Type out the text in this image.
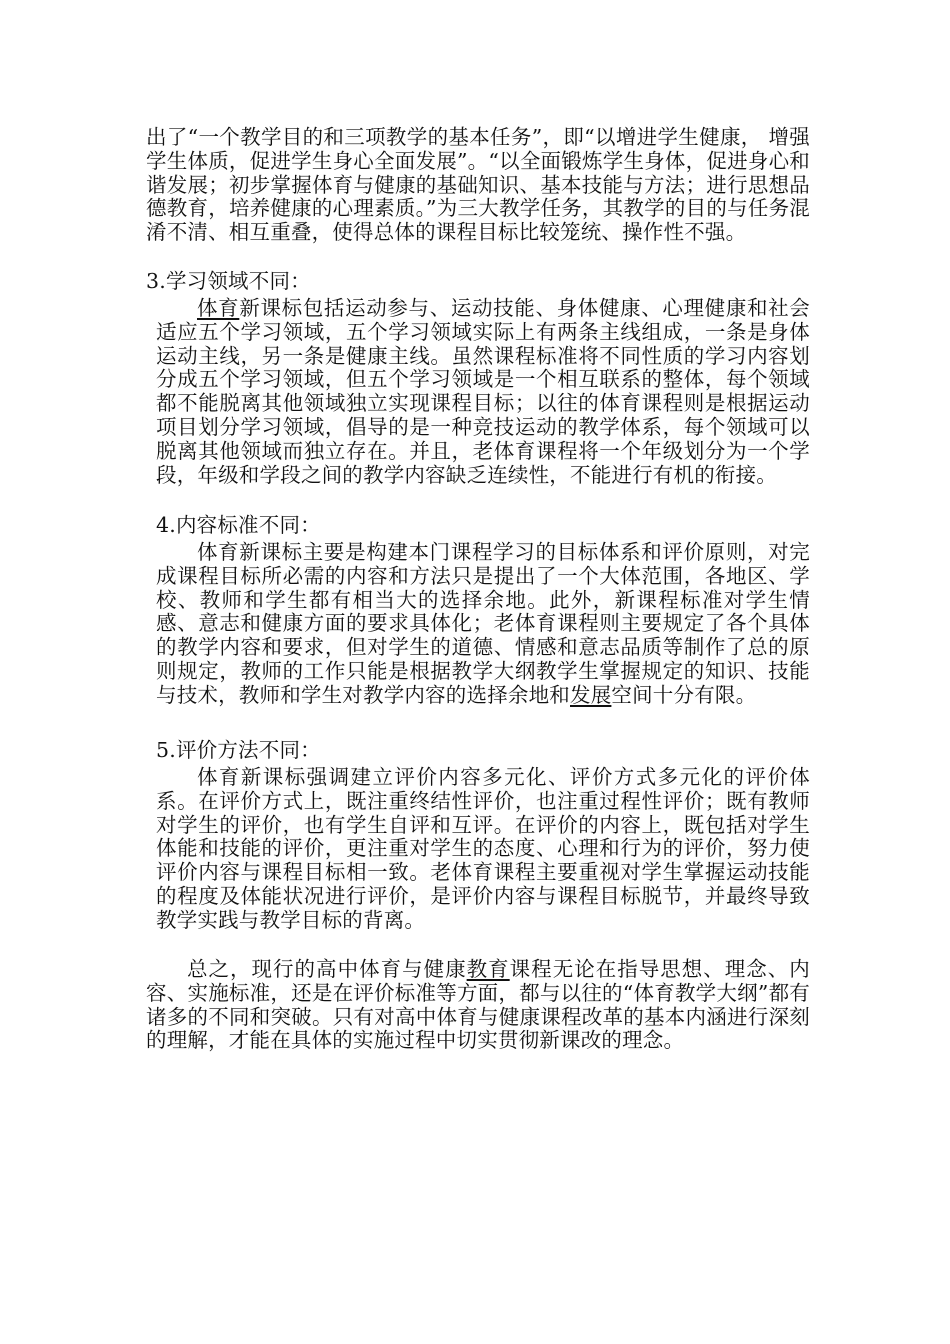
出了“一个教学目的和三项教学的基本任务”，即“以增进学生健康， 增强学生体质，促进学生身心全面发展”。“以全面锻炼学生身体，促进身心和谐发展；初步掌握体育与健康的基础知识、基本技能与方法；进行思想品德教育，培养健康的心理素质。”为三大教学任务，其教学的目的与任务混淆不清、相互重叠，使得总体的课程目标比较笼统、操作性不强。

3.学习领域不同：

体育新课标包括运动参与、运动技能、身体健康、心理健康和社会适应五个学习领域，五个学习领域实际上有两条主线组成，一条是身体运动主线，另一条是健康主线。虽然课程标准将不同性质的学习内容划分成五个学习领域，但五个学习领域是一个相互联系的整体，每个领域都不能脱离其他领域独立实现课程目标；以往的体育课程则是根据运动项目划分学习领域，倡导的是一种竞技运动的教学体系，每个领域可以脱离其他领域而独立存在。并且，老体育课程将一个年级划分为一个学段，年级和学段之间的教学内容缺乏连续性，不能进行有机的衔接。

4.内容标准不同：

体育新课标主要是构建本门课程学习的目标体系和评价原则，对完成课程目标所必需的内容和方法只是提出了一个大体范围，各地区、学校、教师和学生都有相当大的选择余地。此外，新课程标准对学生情感、意志和健康方面的要求具体化；老体育课程则主要规定了各个具体的教学内容和要求，但对学生的道德、情感和意志品质等制作了总的原则规定，教师的工作只能是根据教学大纲教学生掌握规定的知识、技能与技术，教师和学生对教学内容的选择余地和发展空间十分有限。

5.评价方法不同：

体育新课标强调建立评价内容多元化、评价方式多元化的评价体系。在评价方式上，既注重终结性评价，也注重过程性评价；既有教师对学生的评价，也有学生自评和互评。在评价的内容上，既包括对学生体能和技能的评价，更注重对学生的态度、心理和行为的评价，努力使评价内容与课程目标相一致。老体育课程主要重视对学生掌握运动技能的程度及体能状况进行评价，是评价内容与课程目标脱节，并最终导致教学实践与教学目标的背离。

总之，现行的高中体育与健康教育课程无论在指导思想、理念、内容、实施标准，还是在评价标准等方面，都与以往的“体育教学大纲”都有诸多的不同和突破。只有对高中体育与健康课程改革的基本内涵进行深刻的理解，才能在具体的实施过程中切实贯彻新课改的理念。
